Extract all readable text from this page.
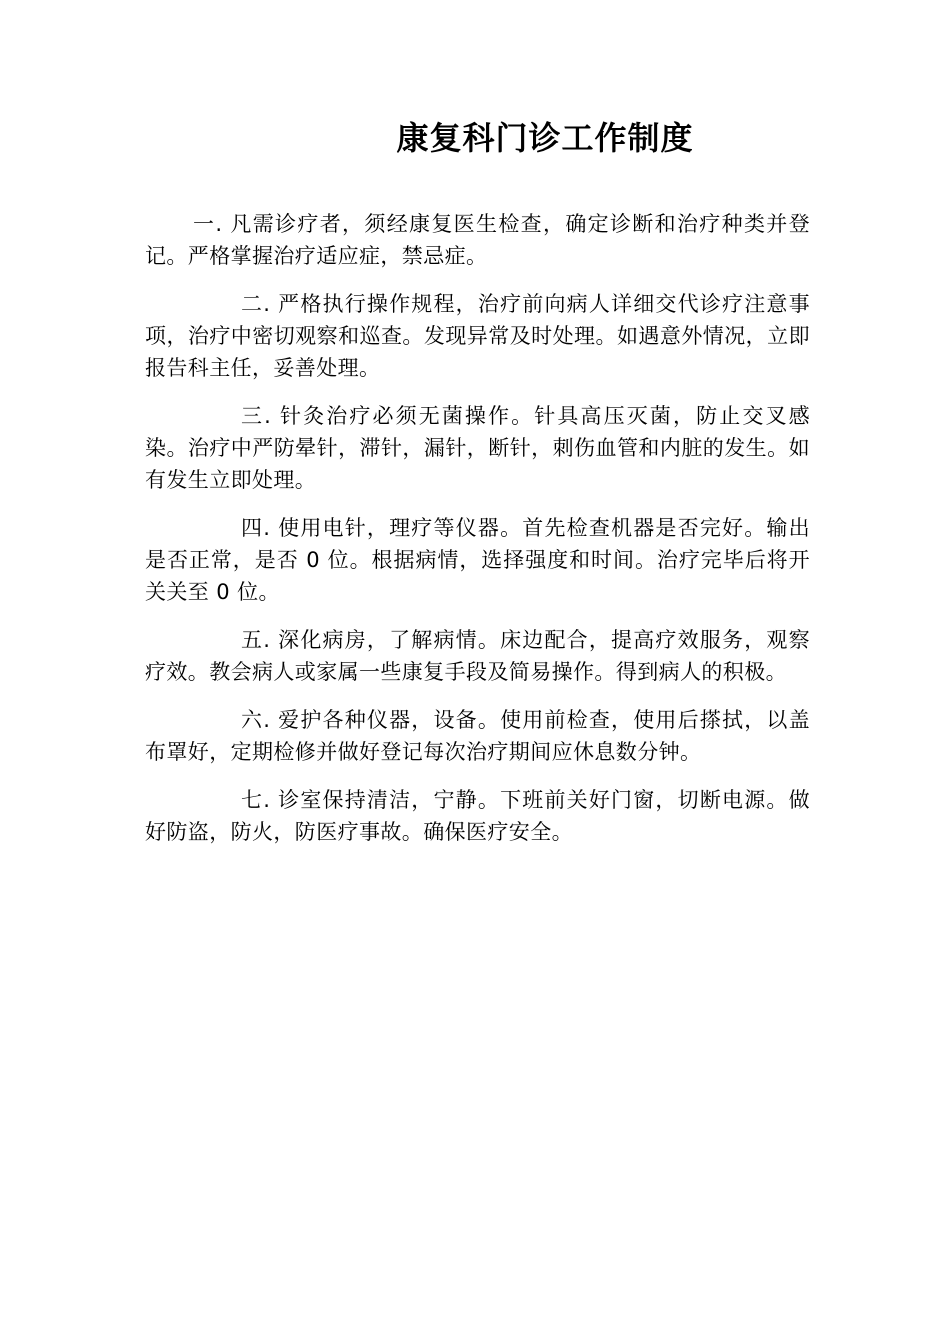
康复科门诊工作制度

一. 凡需诊疗者，须经康复医生检查，确定诊断和治疗种类并登记。严格掌握治疗适应症，禁忌症。

二. 严格执行操作规程，治疗前向病人详细交代诊疗注意事项，治疗中密切观察和巡查。发现异常及时处理。如遇意外情况，立即报告科主任，妥善处理。

三. 针灸治疗必须无菌操作。针具高压灭菌，防止交叉感染。治疗中严防晕针，滞针，漏针，断针，刺伤血管和内脏的发生。如有发生立即处理。

四. 使用电针，理疗等仪器。首先检查机器是否完好。输出是否正常，是否 0 位。根据病情，选择强度和时间。治疗完毕后将开关关至 0 位。

五. 深化病房，了解病情。床边配合，提高疗效服务，观察疗效。教会病人或家属一些康复手段及简易操作。得到病人的积极。

六. 爱护各种仪器，设备。使用前检查，使用后搽拭，以盖布罩好，定期检修并做好登记每次治疗期间应休息数分钟。

七. 诊室保持清洁，宁静。下班前关好门窗，切断电源。做好防盗，防火，防医疗事故。确保医疗安全。
